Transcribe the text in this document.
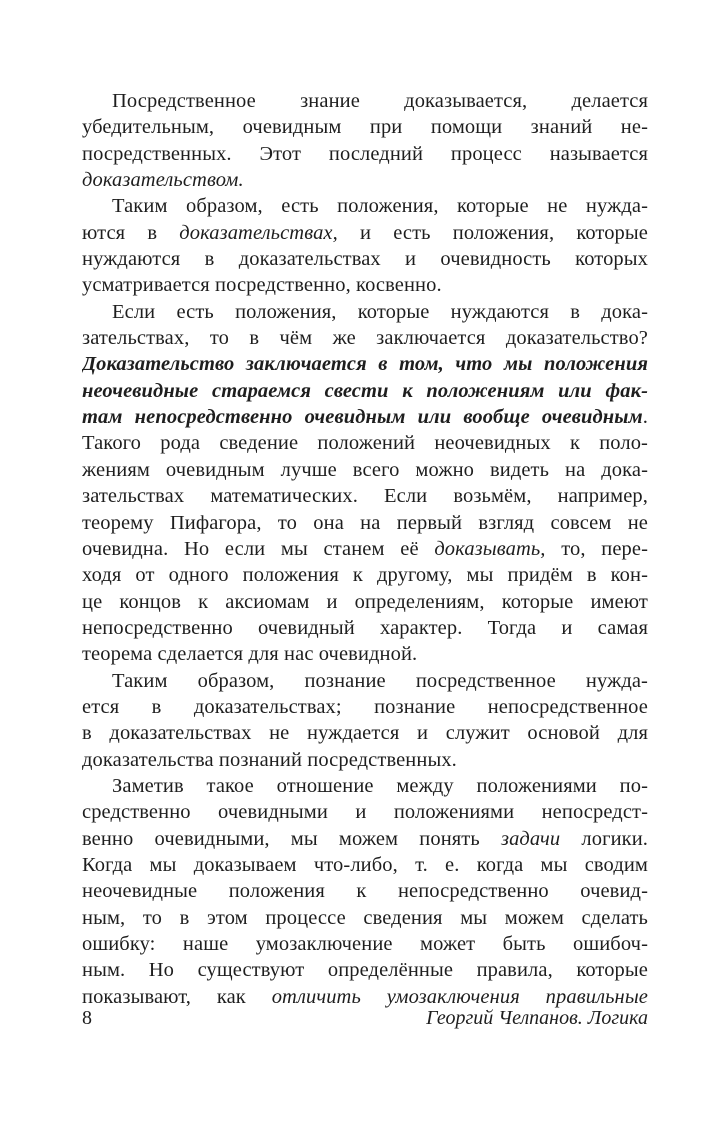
Посредственное знание доказывается, делается
убедительным, очевидным при помощи знаний не-
посредственных. Этот последний процесс называется
доказательством.
Таким образом, есть положения, которые не нужда-
ются в доказательствах, и есть положения, которые
нуждаются в доказательствах и очевидность которых
усматривается посредственно, косвенно.
Если есть положения, которые нуждаются в дока-
зательствах, то в чём же заключается доказательство?
Доказательство заключается в том, что мы положения
неочевидные стараемся свести к положениям или фак-
там непосредственно очевидным или вообще очевидным.
Такого рода сведение положений неочевидных к поло-
жениям очевидным лучше всего можно видеть на дока-
зательствах математических. Если возьмём, например,
теорему Пифагора, то она на первый взгляд совсем не
очевидна. Но если мы станем её доказывать, то, пере-
ходя от одного положения к другому, мы придём в кон-
це концов к аксиомам и определениям, которые имеют
непосредственно очевидный характер. Тогда и самая
теорема сделается для нас очевидной.
Таким образом, познание посредственное нужда-
ется в доказательствах; познание непосредственное
в доказательствах не нуждается и служит основой для
доказательства познаний посредственных.
Заметив такое отношение между положениями по-
средственно очевидными и положениями непосредст-
венно очевидными, мы можем понять задачи логики.
Когда мы доказываем что-либо, т. е. когда мы сводим
неочевидные положения к непосредственно очевид-
ным, то в этом процессе сведения мы можем сделать
ошибку: наше умозаключение может быть ошибоч-
ным. Но существуют определённые правила, которые
показывают, как отличить умозаключения правильные
8	Георгий Челпанов. Логика
